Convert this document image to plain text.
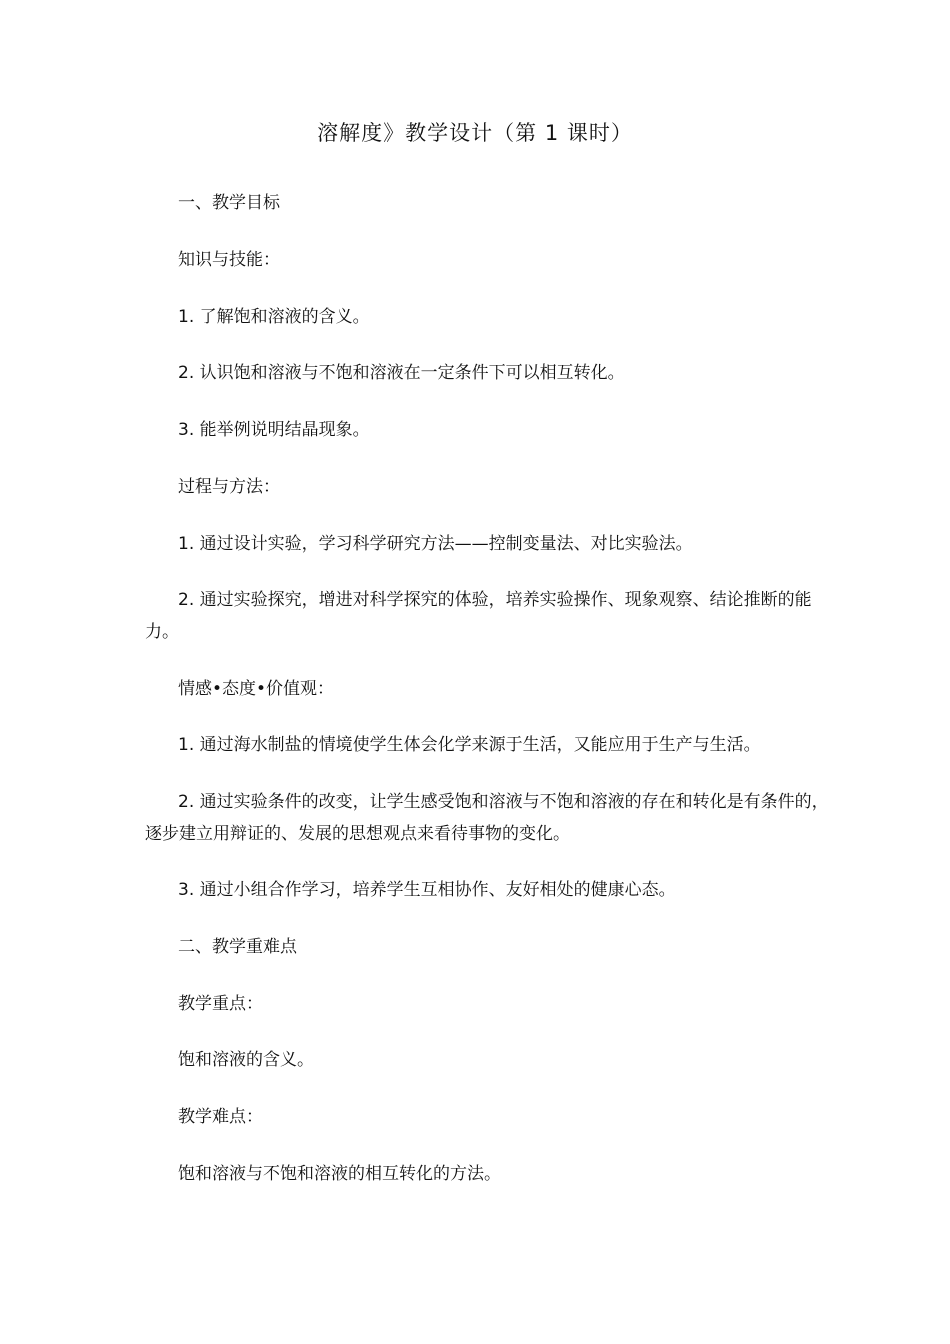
溶解度》教学设计（第 1 课时）
一、教学目标
知识与技能：
1. 了解饱和溶液的含义。
2. 认识饱和溶液与不饱和溶液在一定条件下可以相互转化。
3. 能举例说明结晶现象。
过程与方法：
1. 通过设计实验，学习科学研究方法——控制变量法、对比实验法。
2. 通过实验探究，增进对科学探究的体验，培养实验操作、现象观察、结论推断的能力。
情感•态度•价值观：
1. 通过海水制盐的情境使学生体会化学来源于生活，又能应用于生产与生活。
2. 通过实验条件的改变，让学生感受饱和溶液与不饱和溶液的存在和转化是有条件的，逐步建立用辩证的、发展的思想观点来看待事物的变化。
3. 通过小组合作学习，培养学生互相协作、友好相处的健康心态。
二、教学重难点
教学重点：
饱和溶液的含义。
教学难点：
饱和溶液与不饱和溶液的相互转化的方法。
